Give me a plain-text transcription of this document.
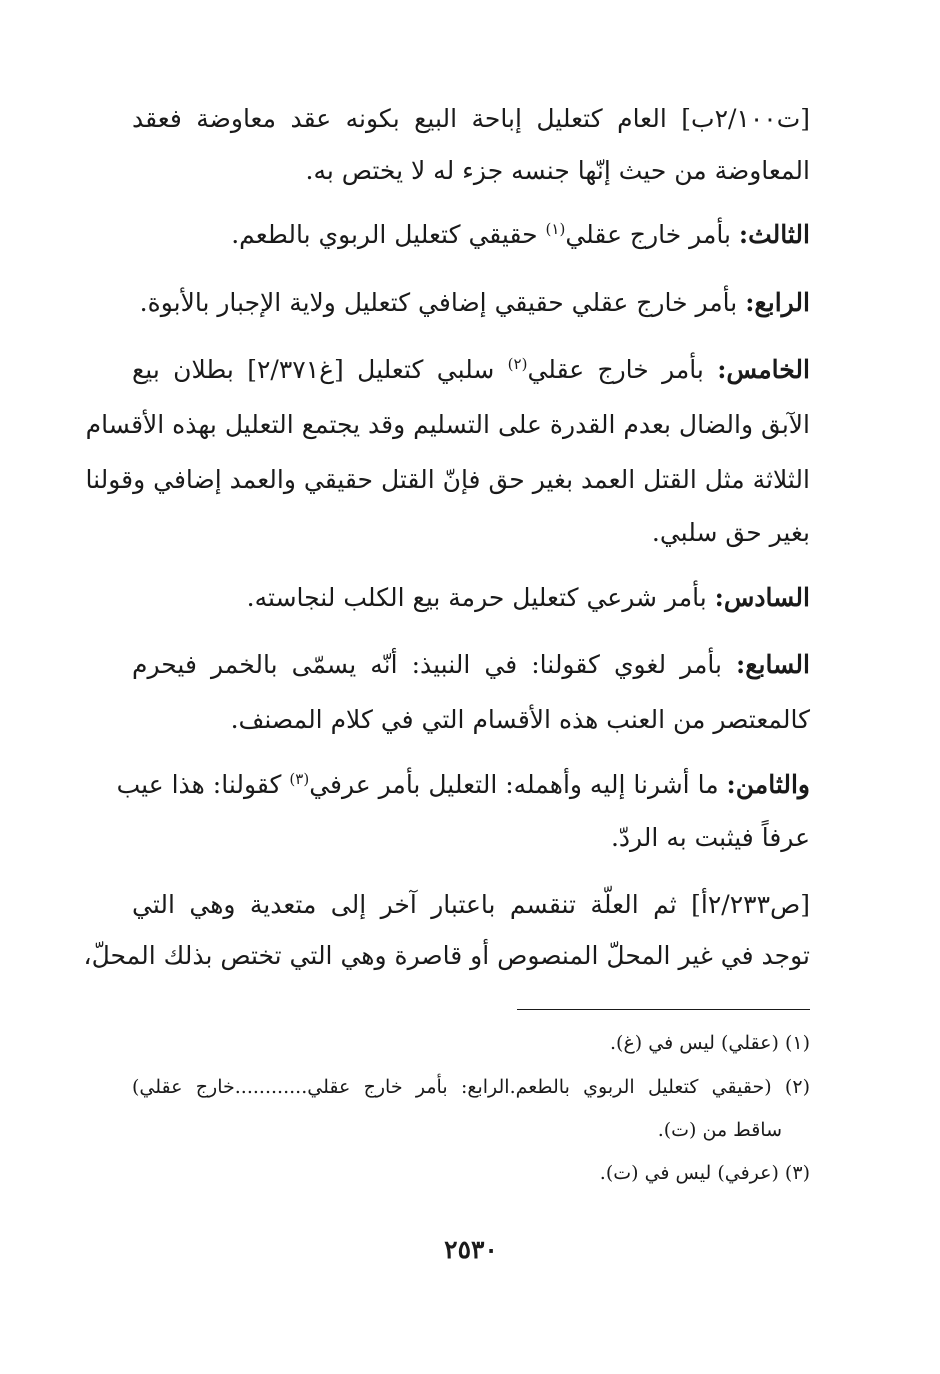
[ت٢/١٠٠ب] العام كتعليل إباحة البيع بكونه عقد معاوضة فعقد
المعاوضة من حيث إنّها جنسه جزء له لا يختص به.
الثالث: بأمر خارج عقلي$^{(١)}$ حقيقي كتعليل الربوي بالطعم.
الرابع: بأمر خارج عقلي حقيقي إضافي كتعليل ولاية الإجبار بالأبوة.
الخامس: بأمر خارج عقلي$^{(٢)}$ سلبي كتعليل [غ٢/٣٧١] بطلان بيع
الآبق والضال بعدم القدرة على التسليم وقد يجتمع التعليل بهذه الأقسام
الثلاثة مثل القتل العمد بغير حق فإنّ القتل حقيقي والعمد إضافي وقولنا
بغير حق سلبي.
السادس: بأمر شرعي كتعليل حرمة بيع الكلب لنجاسته.
السابع: بأمر لغوي كقولنا: في النبيذ: أنّه يسمّى بالخمر فيحرم
كالمعتصر من العنب هذه الأقسام التي في كلام المصنف.
والثامن: ما أشرنا إليه وأهمله: التعليل بأمر عرفي$^{(٣)}$ كقولنا: هذا عيب
عرفاً فيثبت به الردّ.
[ص٢/٢٣٣أ] ثم العلّة تنقسم باعتبار آخر إلى متعدية وهي التي
توجد في غير المحلّ المنصوص أو قاصرة وهي التي تختص بذلك المحلّ،
(١) (عقلي) ليس في (غ).
(٢) (حقيقي كتعليل الربوي بالطعم.الرابع: بأمر خارج عقلي............خارج عقلي)
ساقط من (ت).
(٣) (عرفي) ليس في (ت).
٢٥٣٠
